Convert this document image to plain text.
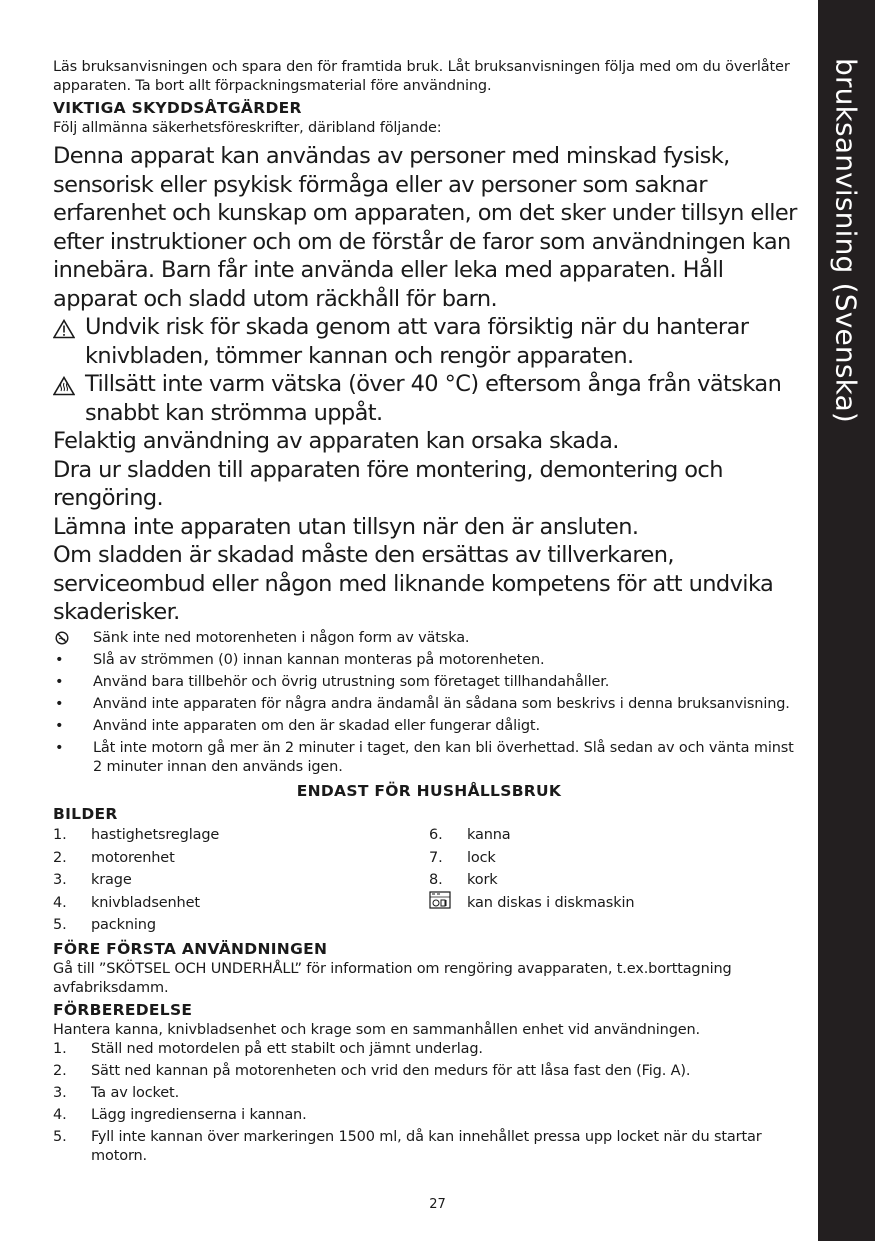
bruksanvisning (Svenska)

Läs bruksanvisningen och spara den för framtida bruk. Låt bruksanvisningen följa med om du överlåter apparaten. Ta bort allt förpackningsmaterial före användning.

VIKTIGA SKYDDSÅTGÄRDER

Följ allmänna säkerhetsföreskrifter, däribland följande:

Denna apparat kan användas av personer med minskad fysisk, sensorisk eller psykisk förmåga eller av personer som saknar erfarenhet och kunskap om apparaten, om det sker under tillsyn eller efter instruktioner och om de förstår de faror som användningen kan innebära. Barn får inte använda eller leka med apparaten. Håll apparat och sladd utom räckhåll för barn.

Undvik risk för skada genom att vara försiktig när du hanterar knivbladen, tömmer kannan och rengör apparaten.
Tillsätt inte varm vätska (över 40 °C) eftersom ånga från vätskan snabbt kan strömma uppåt.

Felaktig användning av apparaten kan orsaka skada.

Dra ur sladden till apparaten före montering, demontering och rengöring.

Lämna inte apparaten utan tillsyn när den är ansluten.

Om sladden är skadad måste den ersättas av tillverkaren, serviceombud eller någon med liknande kompetens för att undvika skaderisker.

Sänk inte ned motorenheten i någon form av vätska.
•	Slå av strömmen (0) innan kannan monteras på motorenheten.
•	Använd bara tillbehör och övrig utrustning som företaget tillhandahåller.
•	Använd inte apparaten för några andra ändamål än sådana som beskrivs i denna bruksanvisning.
•	Använd inte apparaten om den är skadad eller fungerar dåligt.
•	Låt inte motorn gå mer än 2 minuter i taget, den kan bli överhettad. Slå sedan av och vänta minst 2 minuter innan den används igen.
ENDAST FÖR HUSHÅLLSBRUK
BILDER
1.	hastighetsreglage
2.	motorenhet
3.	krage
4.	knivbladsenhet
5.	packning
6.	kanna
7.	lock
8.	kork
kan diskas i diskmaskin
FÖRE FÖRSTA ANVÄNDNINGEN

Gå till ”SKÖTSEL OCH UNDERHÅLL” för information om rengöring avapparaten, t.ex.borttagning avfabriksdamm.

FÖRBEREDELSE

Hantera kanna, knivbladsenhet och krage som en sammanhållen enhet vid användningen.

1.	Ställ ned motordelen på ett stabilt och jämnt underlag.
2.	Sätt ned kannan på motorenheten och vrid den medurs för att låsa fast den (Fig. A).
3.	Ta av locket.
4.	Lägg ingredienserna i kannan.
5.	Fyll inte kannan över markeringen 1500 ml, då kan innehållet pressa upp locket när du startar motorn.
27
